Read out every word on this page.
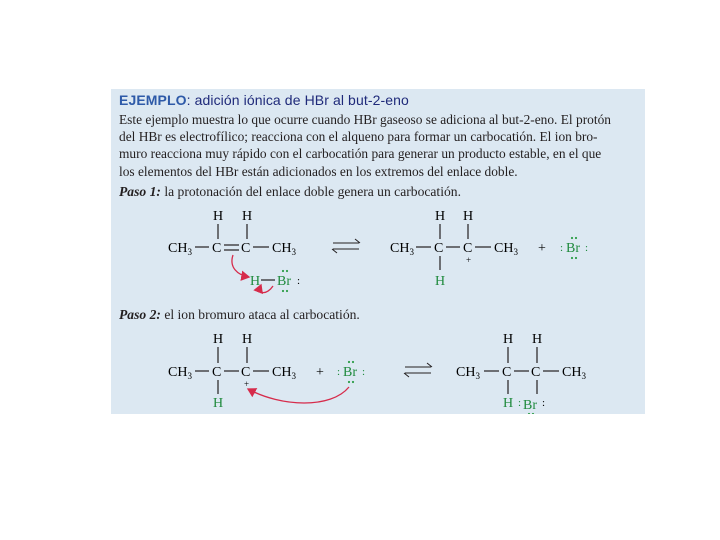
EJEMPLO: adición iónica de HBr al but-2-eno
Este ejemplo muestra lo que ocurre cuando HBr gaseoso se adiciona al but-2-eno. El protón
del HBr es electrofílico; reacciona con el alqueno para formar un carbocatión. El ion bro-
muro reacciona muy rápido con el carbocatión para generar un producto estable, en el que
los elementos del HBr están adicionados en los extremos del enlace doble.
Paso 1: la protonación del enlace doble genera un carbocatión.
Paso 2: el ion bromuro ataca al carbocatión.
H H
$CH_3$ C C $CH_3$
H Br :
H H
$CH_3$ C C $CH_3$
H
+
+ : Br :
H H
$CH_3$ C C $CH_3$
H
+
+ : Br :
H H
$CH_3$ C C $CH_3$
H : Br :
